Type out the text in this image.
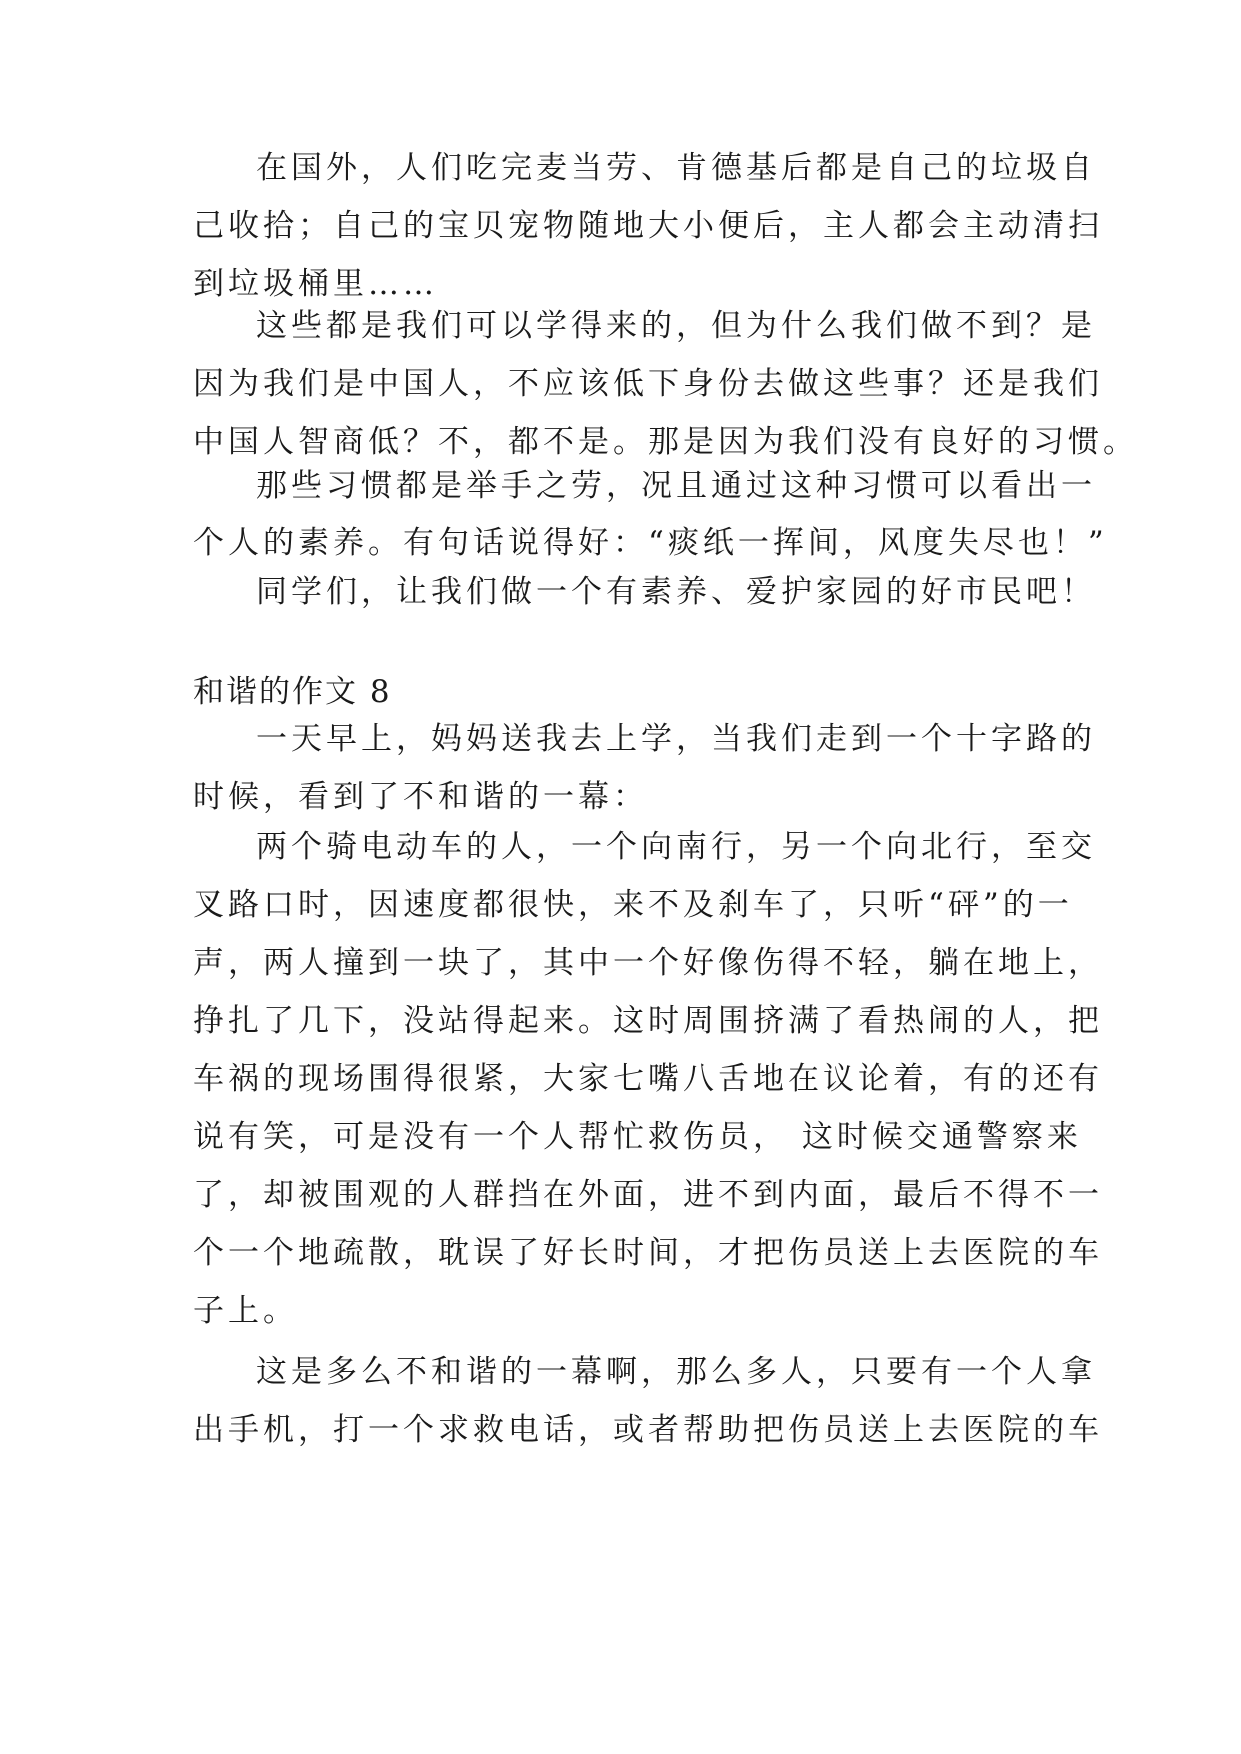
在国外，人们吃完麦当劳、肯德基后都是自己的垃圾自
己收拾；自己的宝贝宠物随地大小便后，主人都会主动清扫
到垃圾桶里……
这些都是我们可以学得来的，但为什么我们做不到？是
因为我们是中国人，不应该低下身份去做这些事？还是我们
中国人智商低？不，都不是。那是因为我们没有良好的习惯。
那些习惯都是举手之劳，况且通过这种习惯可以看出一
个人的素养。有句话说得好：“痰纸一挥间，风度失尽也！”
同学们，让我们做一个有素养、爱护家园的好市民吧！
和谐的作文 8
一天早上，妈妈送我去上学，当我们走到一个十字路的
时候，看到了不和谐的一幕：
两个骑电动车的人，一个向南行，另一个向北行，至交
叉路口时，因速度都很快，来不及刹车了，只听“砰”的一
声，两人撞到一块了，其中一个好像伤得不轻，躺在地上，
挣扎了几下，没站得起来。这时周围挤满了看热闹的人，把
车祸的现场围得很紧，大家七嘴八舌地在议论着，有的还有
说有笑，可是没有一个人帮忙救伤员， 这时候交通警察来
了，却被围观的人群挡在外面，进不到内面，最后不得不一
个一个地疏散，耽误了好长时间，才把伤员送上去医院的车
子上。
这是多么不和谐的一幕啊，那么多人，只要有一个人拿
出手机，打一个求救电话，或者帮助把伤员送上去医院的车
